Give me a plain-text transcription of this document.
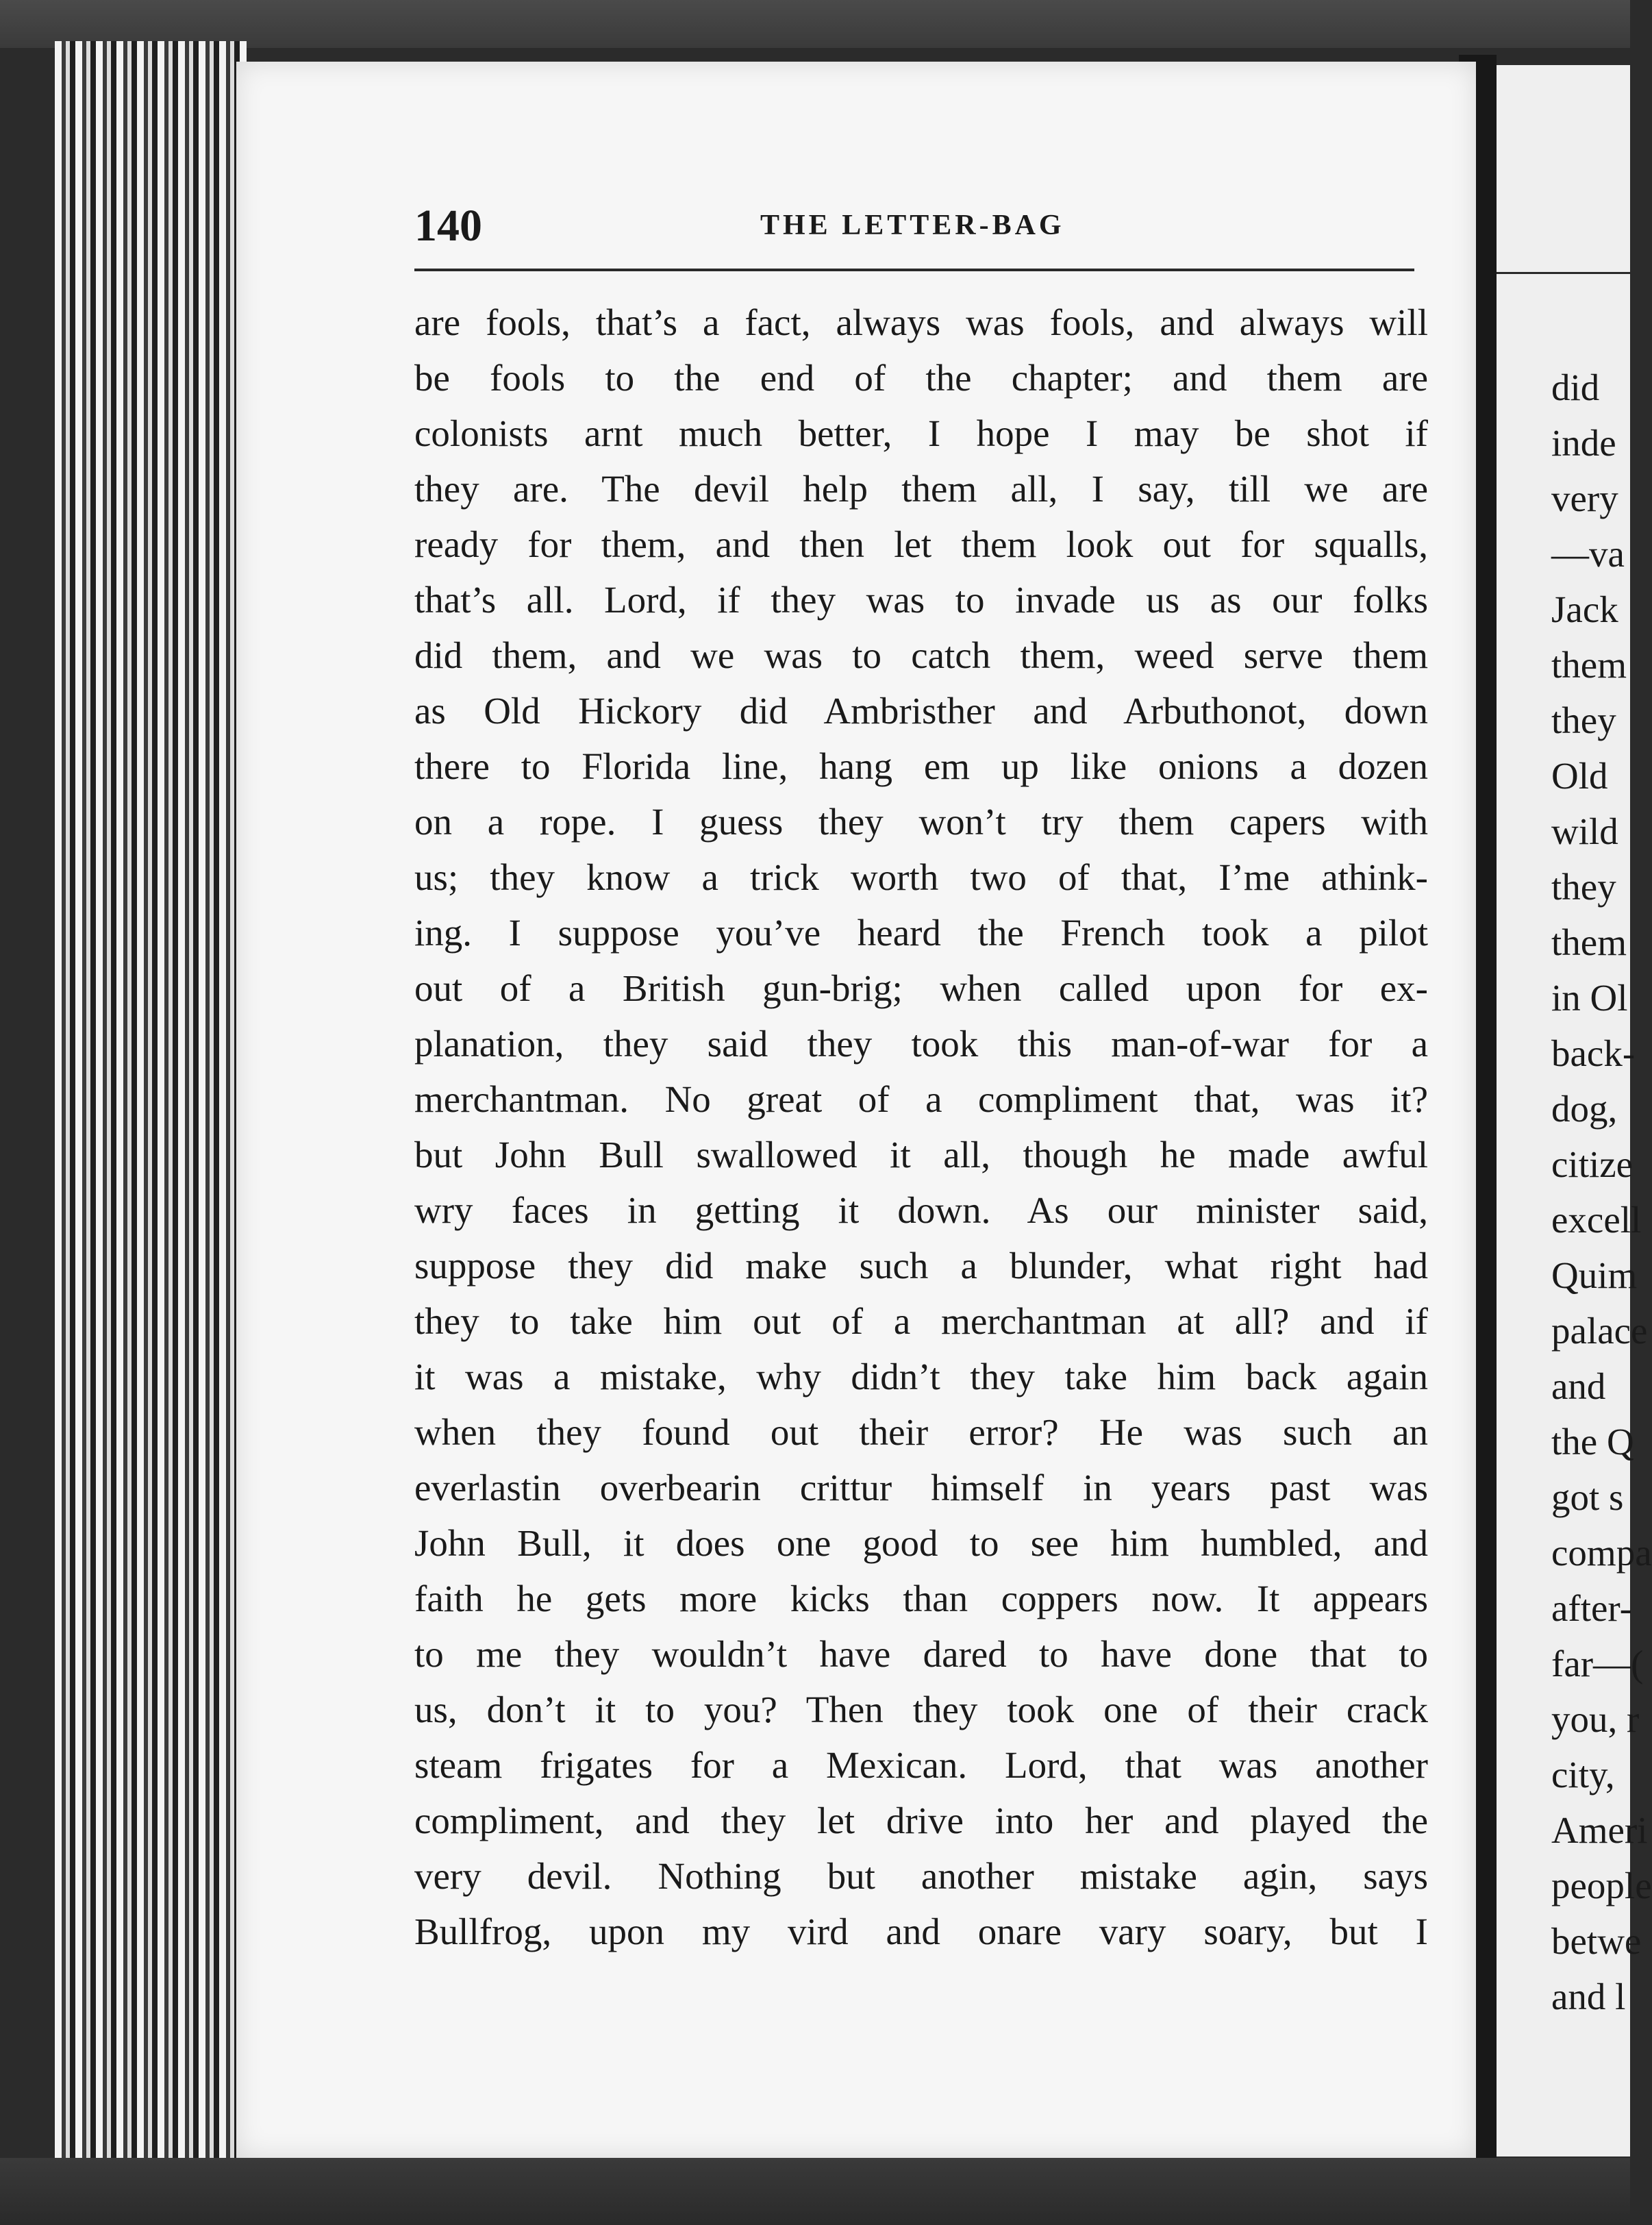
140	THE LETTER-BAG
are fools, that’s a fact, always was fools, and always will
be fools to the end of the chapter; and them are
colonists arnt much better, I hope I may be shot if
they are. The devil help them all, I say, till we are
ready for them, and then let them look out for squalls,
that’s all. Lord, if they was to invade us as our folks
did them, and we was to catch them, weed serve them
as Old Hickory did Ambristher and Arbuthonot, down
there to Florida line, hang em up like onions a dozen
on a rope. I guess they won’t try them capers with
us; they know a trick worth two of that, I’me athink-
ing. I suppose you’ve heard the French took a pilot
out of a British gun-brig; when called upon for ex-
planation, they said they took this man-of-war for a
merchantman. No great of a compliment that, was it?
but John Bull swallowed it all, though he made awful
wry faces in getting it down. As our minister said,
suppose they did make such a blunder, what right had
they to take him out of a merchantman at all? and if
it was a mistake, why didn’t they take him back again
when they found out their error? He was such an
everlastin overbearin crittur himself in years past was
John Bull, it does one good to see him humbled, and
faith he gets more kicks than coppers now. It appears
to me they wouldn’t have dared to have done that to
us, don’t it to you? Then they took one of their crack
steam frigates for a Mexican. Lord, that was another
compliment, and they let drive into her and played the
very devil. Nothing but another mistake agin, says
Bullfrog, upon my vird and onare vary soary, but I
did
inde
very
—va
Jack
them
they
Old
wild
they
them
in Ol
back-
dog,
citize
excell
Quim
palace
and
the Q
got s
compa
after-
far—(
you, r
city,
Ameri
people
betwe
and l
